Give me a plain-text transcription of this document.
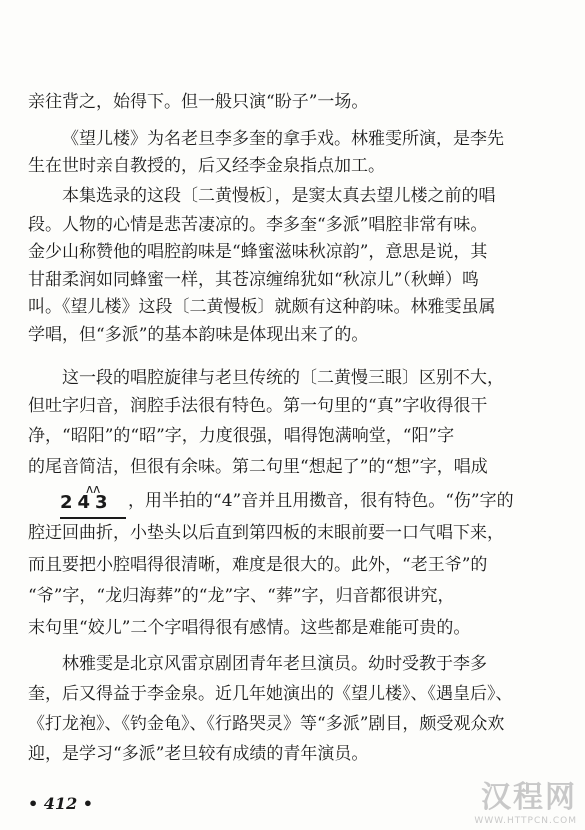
亲往背之，始得下。但一般只演“盼子”一场。
《望儿楼》为名老旦李多奎的拿手戏。林雅雯所演，是李先
生在世时亲自教授的，后又经李金泉指点加工。
本集选录的这段〔二黄慢板〕，是窦太真去望儿楼之前的唱
段。人物的心情是悲苦凄凉的。李多奎“多派”唱腔非常有味。
金少山称赞他的唱腔韵味是“蜂蜜滋味秋凉韵”，意思是说，其
甘甜柔润如同蜂蜜一样，其苍凉缠绵犹如“秋凉儿”（秋蝉）鸣
叫。《望儿楼》这段〔二黄慢板〕就颇有这种韵味。林雅雯虽属
学唱，但“多派”的基本韵味是体现出来了的。
这一段的唱腔旋律与老旦传统的〔二黄慢三眼〕区别不大，
但吐字归音，润腔手法很有特色。第一句里的“真”字收得很干
净，“昭阳”的“昭”字，力度很强，唱得饱满响堂，“阳”字
的尾音简洁，但很有余味。第二句里“想起了”的“想”字，唱成
ʌʌ
243 ，用半拍的“4”音并且用擞音，很有特色。“伤”字的
腔迂回曲折，小垫头以后直到第四板的末眼前要一口气唱下来，
而且要把小腔唱得很清晰，难度是很大的。此外，“老王爷”的
“爷”字，“龙归海葬”的“龙”字、“葬”字，归音都很讲究，
末句里“姣儿”二个字唱得很有感情。这些都是难能可贵的。
林雅雯是北京风雷京剧团青年老旦演员。幼时受教于李多
奎，后又得益于李金泉。近几年她演出的《望儿楼》、《遇皇后》、
《打龙袍》、《钓金龟》、《行路哭灵》等“多派”剧目，颇受观众欢
迎，是学习“多派”老旦较有成绩的青年演员。
• 412 •	汉程网
WWW.HTTPCN.COM
